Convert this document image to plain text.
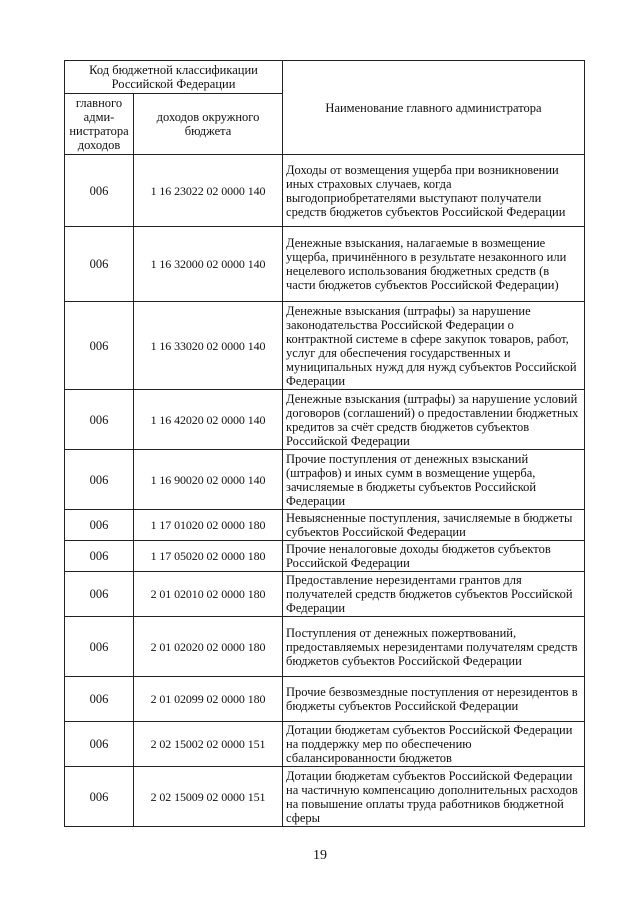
Код бюджетной классификации Российской Федерации		Наименование главного администратора
главного адми-нистратора доходов	доходов окружного бюджета	
006	1 16 23022 02 0000 140	Доходы от возмещения ущерба при возникновении иных страховых случаев, когда выгодоприобретателями выступают получатели средств бюджетов субъектов Российской Федерации
006	1 16 32000 02 0000 140	Денежные взыскания, налагаемые в возмещение ущерба, причинённого в результате незаконного или нецелевого использования бюджетных средств (в части бюджетов субъектов Российской Федерации)
006	1 16 33020 02 0000 140	Денежные взыскания (штрафы) за нарушение законодательства Российской Федерации о контрактной системе в сфере закупок товаров, работ, услуг для обеспечения государственных и муниципальных нужд для нужд субъектов Российской Федерации
006	1 16 42020 02 0000 140	Денежные взыскания (штрафы) за нарушение условий договоров (соглашений) о предоставлении бюджетных кредитов за счёт средств бюджетов субъектов Российской Федерации
006	1 16 90020 02 0000 140	Прочие поступления от денежных взысканий (штрафов) и иных сумм в возмещение ущерба, зачисляемые в бюджеты субъектов Российской Федерации
006	1 17 01020 02 0000 180	Невыясненные поступления, зачисляемые в бюджеты субъектов Российской Федерации
006	1 17 05020 02 0000 180	Прочие неналоговые доходы бюджетов субъектов Российской Федерации
006	2 01 02010 02 0000 180	Предоставление нерезидентами грантов для получателей средств бюджетов субъектов Российской Федерации
006	2 01 02020 02 0000 180	Поступления от денежных пожертвований, предоставляемых нерезидентами получателям средств бюджетов субъектов Российской Федерации
006	2 01 02099 02 0000 180	Прочие безвозмездные поступления от нерезидентов в бюджеты субъектов Российской Федерации
006	2 02 15002 02 0000 151	Дотации бюджетам субъектов Российской Федерации на поддержку мер по обеспечению сбалансированности бюджетов
006	2 02 15009 02 0000 151	Дотации бюджетам субъектов Российской Федерации на частичную компенсацию дополнительных расходов на повышение оплаты труда работников бюджетной сферы
19
